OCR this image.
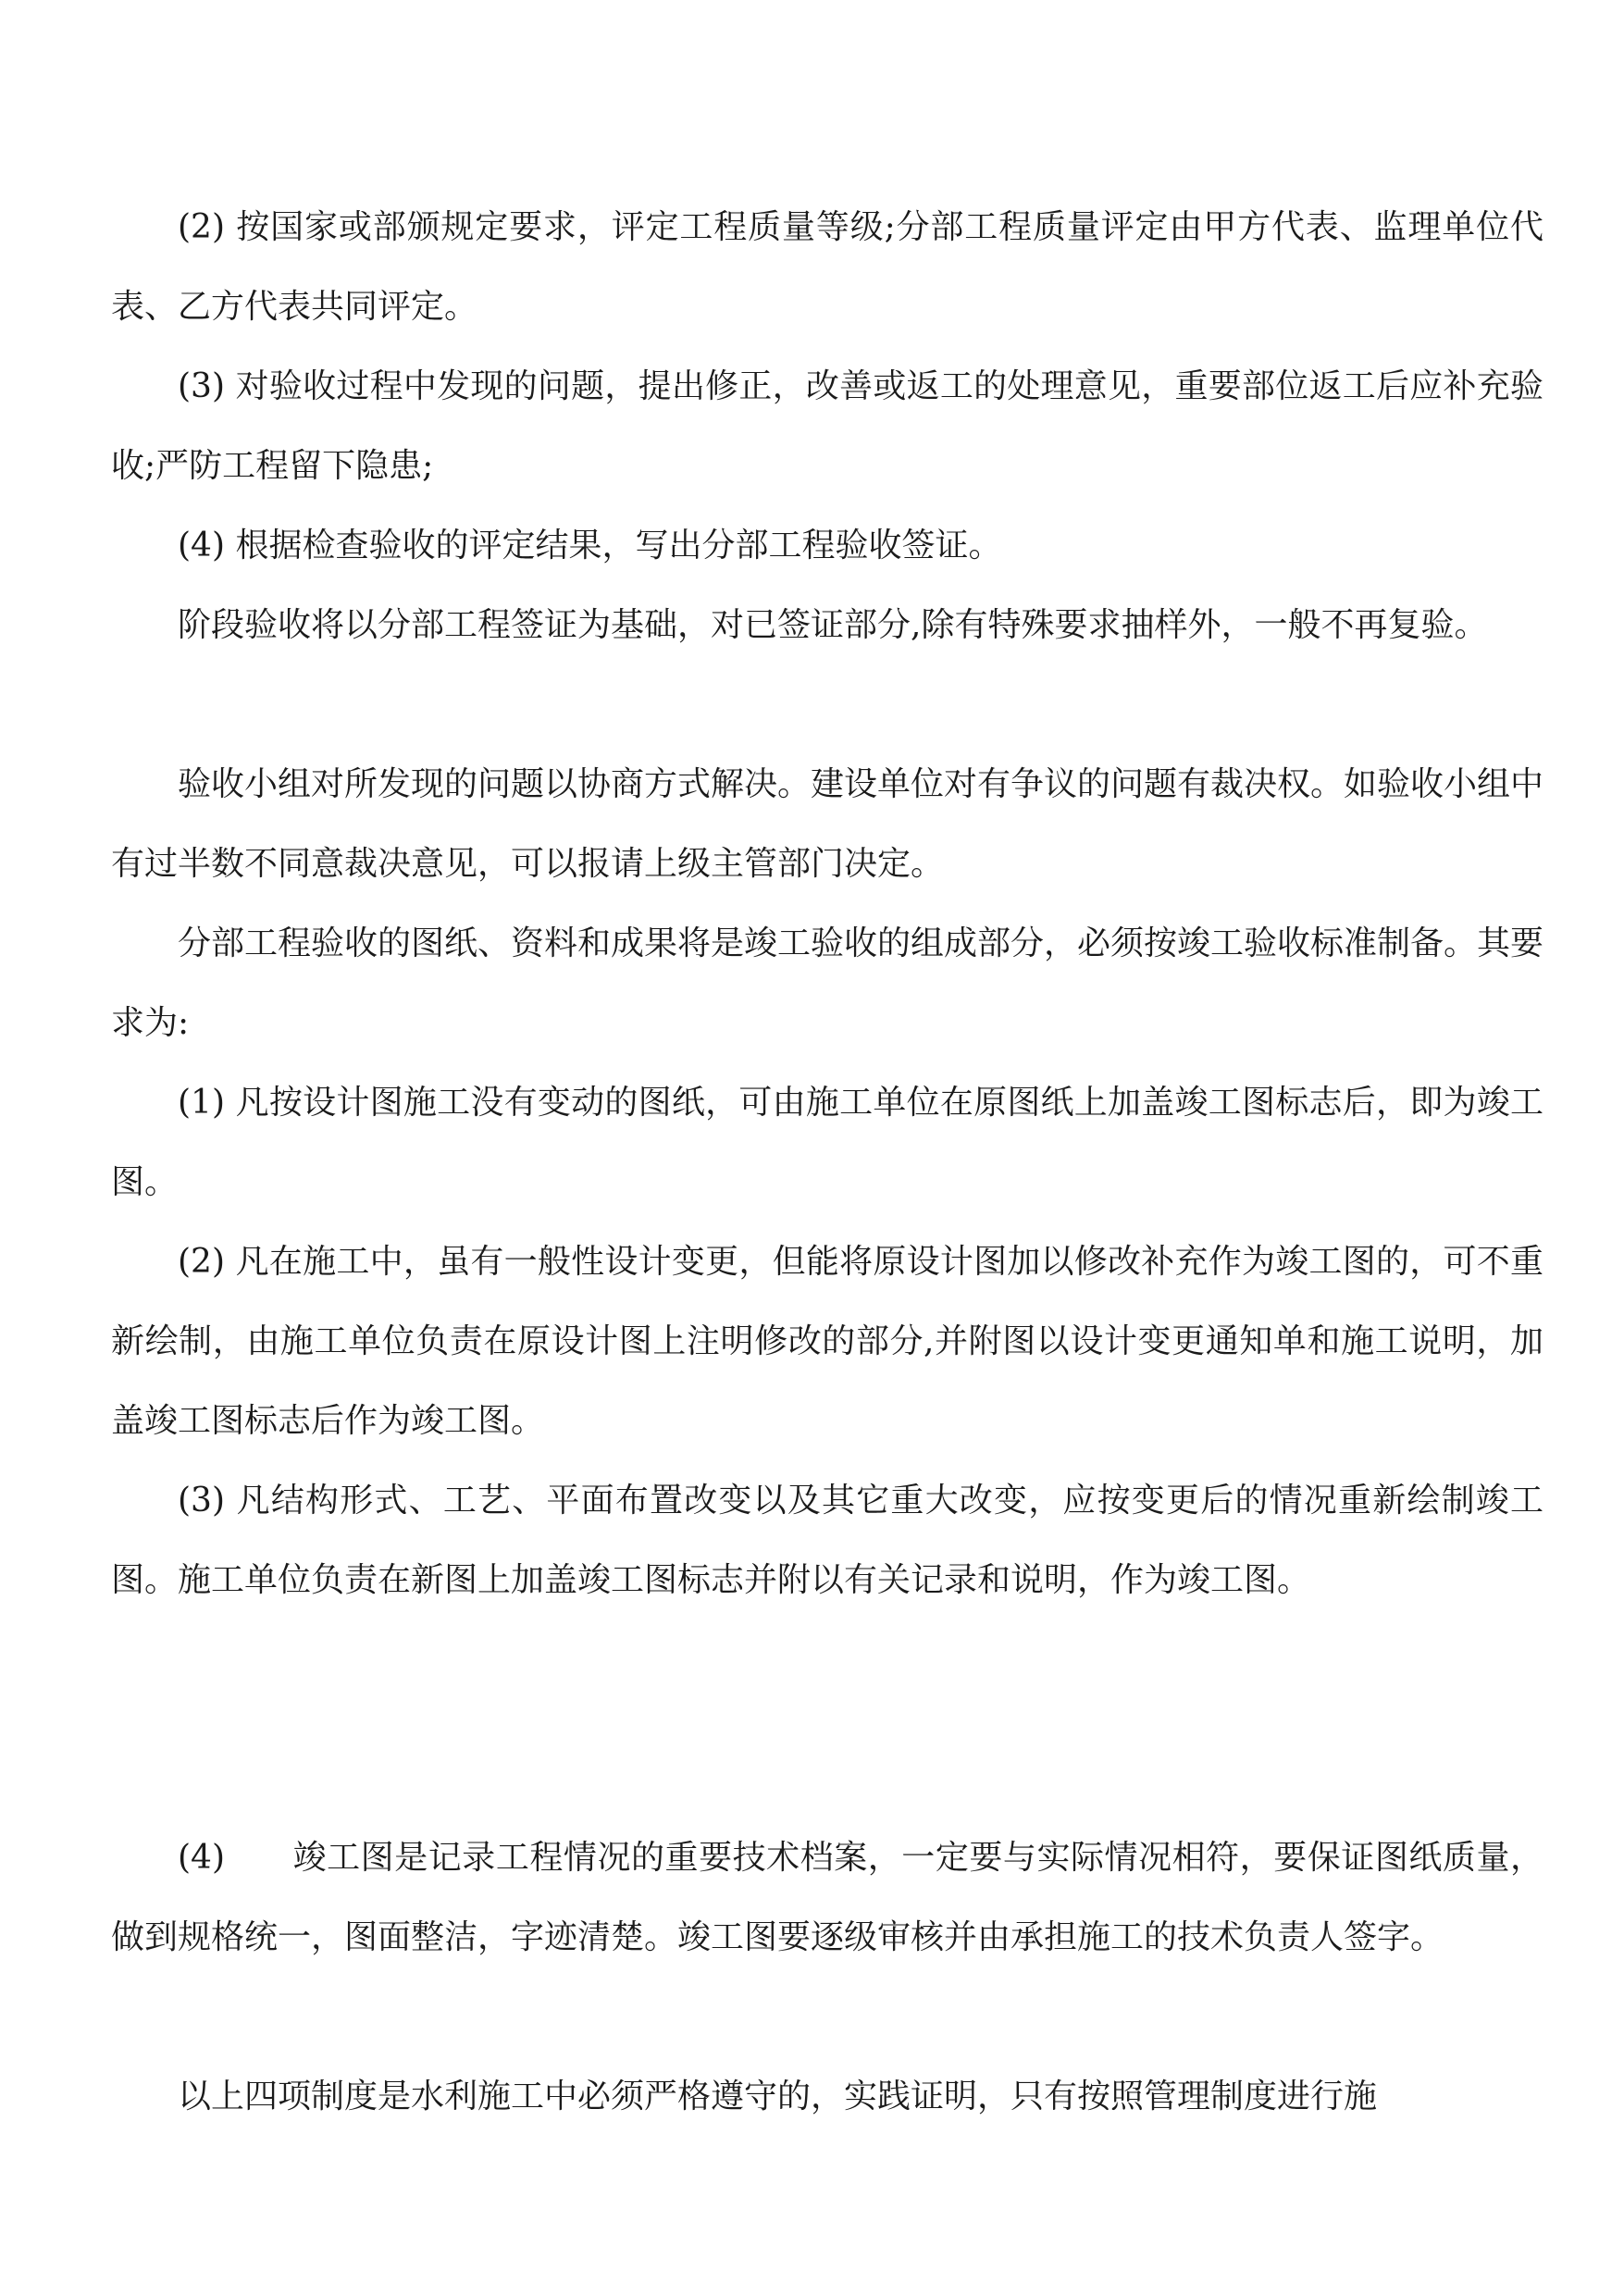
(2) 按国家或部颁规定要求，评定工程质量等级;分部工程质量评定由甲方代表、监理单位代表、乙方代表共同评定。

(3) 对验收过程中发现的问题，提出修正，改善或返工的处理意见，重要部位返工后应补充验收;严防工程留下隐患;

(4) 根据检查验收的评定结果，写出分部工程验收签证。

阶段验收将以分部工程签证为基础，对已签证部分,除有特殊要求抽样外，一般不再复验。

验收小组对所发现的问题以协商方式解决。建设单位对有争议的问题有裁决权。如验收小组中有过半数不同意裁决意见，可以报请上级主管部门决定。

分部工程验收的图纸、资料和成果将是竣工验收的组成部分，必须按竣工验收标准制备。其要求为:

(1) 凡按设计图施工没有变动的图纸，可由施工单位在原图纸上加盖竣工图标志后，即为竣工图。

(2) 凡在施工中，虽有一般性设计变更，但能将原设计图加以修改补充作为竣工图的，可不重新绘制，由施工单位负责在原设计图上注明修改的部分,并附图以设计变更通知单和施工说明，加盖竣工图标志后作为竣工图。

(3) 凡结构形式、工艺、平面布置改变以及其它重大改变，应按变更后的情况重新绘制竣工图。施工单位负责在新图上加盖竣工图标志并附以有关记录和说明，作为竣工图。

(4)　　竣工图是记录工程情况的重要技术档案，一定要与实际情况相符，要保证图纸质量，做到规格统一，图面整洁，字迹清楚。竣工图要逐级审核并由承担施工的技术负责人签字。

以上四项制度是水利施工中必须严格遵守的，实践证明，只有按照管理制度进行施
